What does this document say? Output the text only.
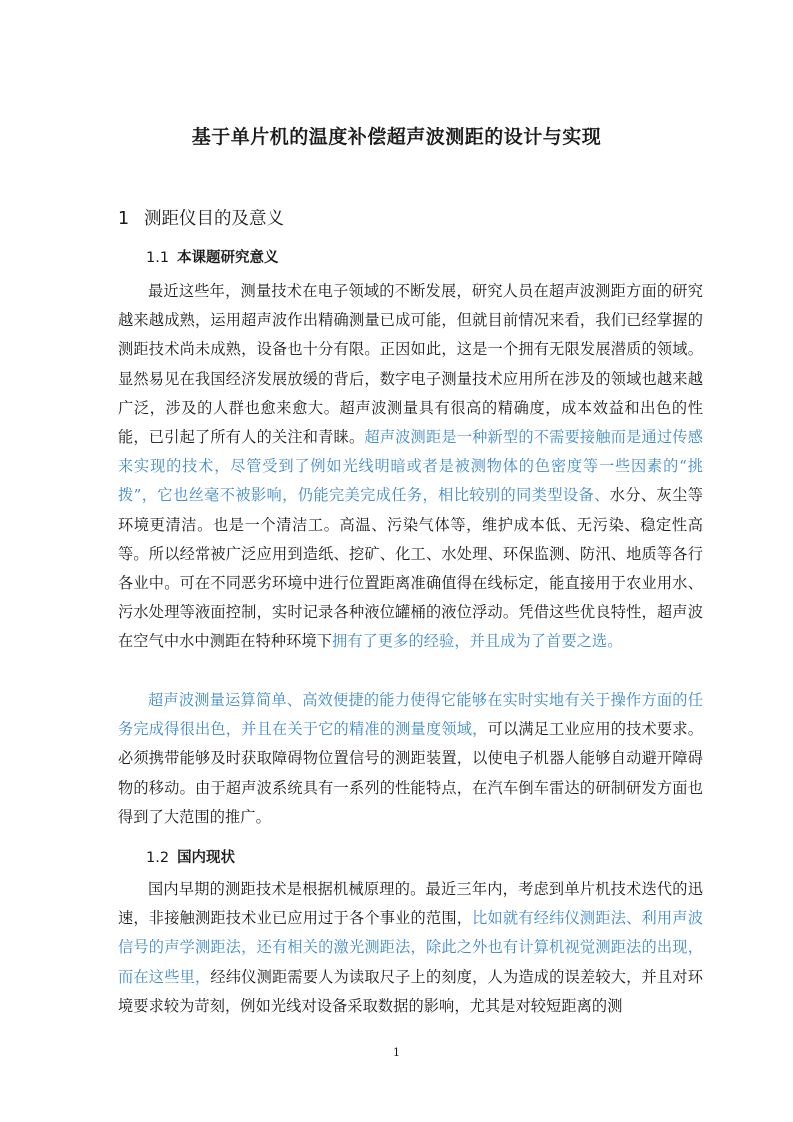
基于单片机的温度补偿超声波测距的设计与实现
1 测距仪目的及意义
1.1 本课题研究意义

最近这些年，测量技术在电子领域的不断发展，研究人员在超声波测距方面的研究越来越成熟，运用超声波作出精确测量已成可能，但就目前情况来看，我们已经掌握的测距技术尚未成熟，设备也十分有限。正因如此，这是一个拥有无限发展潜质的领域。显然易见在我国经济发展放缓的背后，数字电子测量技术应用所在涉及的领域也越来越广泛，涉及的人群也愈来愈大。超声波测量具有很高的精确度，成本效益和出色的性能，已引起了所有人的关注和青睐。超声波测距是一种新型的不需要接触而是通过传感来实现的技术，尽管受到了例如光线明暗或者是被测物体的色密度等一些因素的“挑拨”，它也丝毫不被影响，仍能完美完成任务，相比较别的同类型设备、水分、灰尘等环境更清洁。也是一个清洁工。高温、污染气体等，维护成本低、无污染、稳定性高等。所以经常被广泛应用到造纸、挖矿、化工、水处理、环保监测、防汛、地质等各行各业中。可在不同恶劣环境中进行位置距离准确值得在线标定，能直接用于农业用水、污水处理等液面控制，实时记录各种液位罐桶的液位浮动。凭借这些优良特性，超声波在空气中水中测距在特种环境下拥有了更多的经验，并且成为了首要之选。

超声波测量运算简单、高效便捷的能力使得它能够在实时实地有关于操作方面的任务完成得很出色，并且在关于它的精准的测量度领域，可以满足工业应用的技术要求。必须携带能够及时获取障碍物位置信号的测距装置，以使电子机器人能够自动避开障碍物的移动。由于超声波系统具有一系列的性能特点，在汽车倒车雷达的研制研发方面也得到了大范围的推广。

1.2 国内现状

国内早期的测距技术是根据机械原理的。最近三年内，考虑到单片机技术迭代的迅速，非接触测距技术业已应用过于各个事业的范围，比如就有经纬仪测距法、利用声波信号的声学测距法，还有相关的激光测距法，除此之外也有计算机视觉测距法的出现，而在这些里，经纬仪测距需要人为读取尺子上的刻度，人为造成的误差较大，并且对环境要求较为苛刻，例如光线对设备采取数据的影响，尤其是对较短距离的测

1
